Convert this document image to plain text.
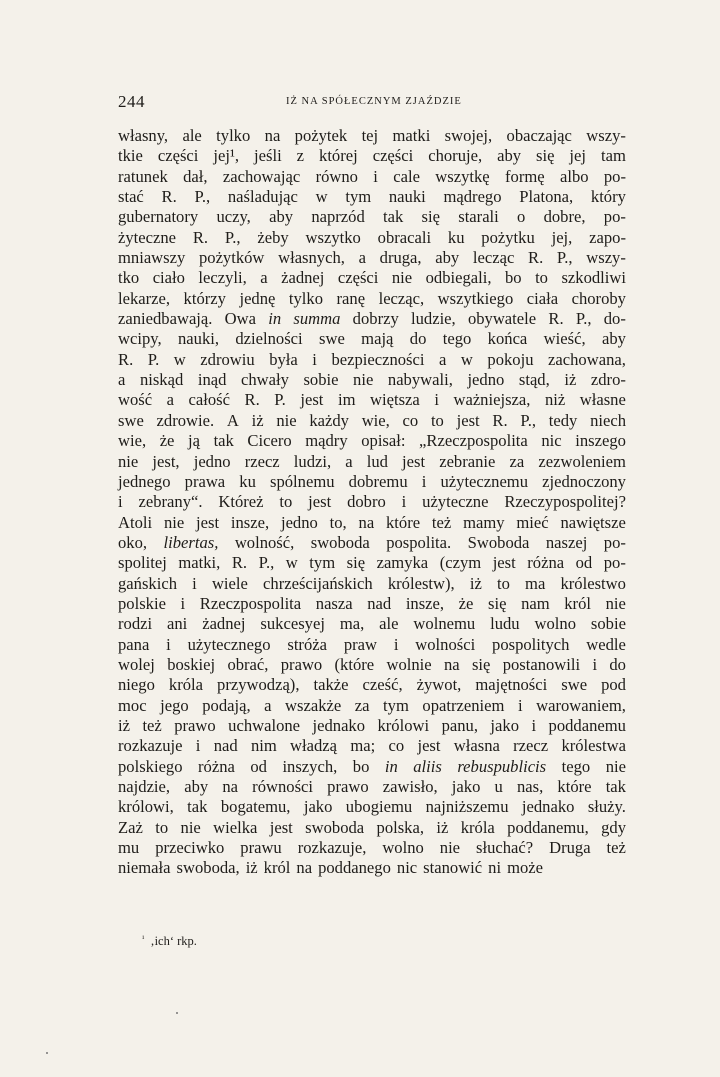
244	IŻ NA SPÓŁECZNYM ZJAŹDZIE
własny, ale tylko na pożytek tej matki swojej, obaczając wszy-
tkie części jej¹, jeśli z której części choruje, aby się jej tam
ratunek dał, zachowając równo i cale wszytkę formę albo po-
stać R. P., naśladując w tym nauki mądrego Platona, który
gubernatory uczy, aby naprzód tak się starali o dobre, po-
żyteczne R. P., żeby wszytko obracali ku pożytku jej, zapo-
mniawszy pożytków własnych, a druga, aby lecząc R. P., wszy-
tko ciało leczyli, a żadnej części nie odbiegali, bo to szkodliwi
lekarze, którzy jednę tylko ranę lecząc, wszytkiego ciała choroby
zaniedbawają. Owa in summa dobrzy ludzie, obywatele R. P., do-
wcipy, nauki, dzielności swe mają do tego końca wieść, aby
R. P. w zdrowiu była i bezpieczności a w pokoju zachowana,
a niskąd inąd chwały sobie nie nabywali, jedno stąd, iż zdro-
wość a całość R. P. jest im więtsza i ważniejsza, niż własne
swe zdrowie. A iż nie każdy wie, co to jest R. P., tedy niech
wie, że ją tak Cicero mądry opisał: „Rzeczpospolita nic inszego
nie jest, jedno rzecz ludzi, a lud jest zebranie za zezwoleniem
jednego prawa ku spólnemu dobremu i użytecznemu zjednoczony
i zebrany“. Któreż to jest dobro i użyteczne Rzeczypospolitej?
Atoli nie jest insze, jedno to, na które też mamy mieć nawiętsze
oko, libertas, wolność, swoboda pospolita. Swoboda naszej po-
spolitej matki, R. P., w tym się zamyka (czym jest różna od po-
gańskich i wiele chrześcijańskich królestw), iż to ma królestwo
polskie i Rzeczpospolita nasza nad insze, że się nam król nie
rodzi ani żadnej sukcesyej ma, ale wolnemu ludu wolno sobie
pana i użytecznego stróża praw i wolności pospolitych wedle
wolej boskiej obrać, prawo (które wolnie na się postanowili i do
niego króla przywodzą), także cześć, żywot, majętności swe pod
moc jego podają, a wszakże za tym opatrzeniem i warowaniem,
iż też prawo uchwalone jednako królowi panu, jako i poddanemu
rozkazuje i nad nim władzą ma; co jest własna rzecz królestwa
polskiego różna od inszych, bo in aliis rebuspublicis tego nie
najdzie, aby na równości prawo zawisło, jako u nas, które tak
królowi, tak bogatemu, jako ubogiemu najniższemu jednako służy.
Zaż to nie wielka jest swoboda polska, iż króla poddanemu, gdy
mu przeciwko prawu rozkazuje, wolno nie słuchać? Druga też
niemała swoboda, iż król na poddanego nic stanowić ni może
$^{^1}$ ‚ich‘ rkp.
